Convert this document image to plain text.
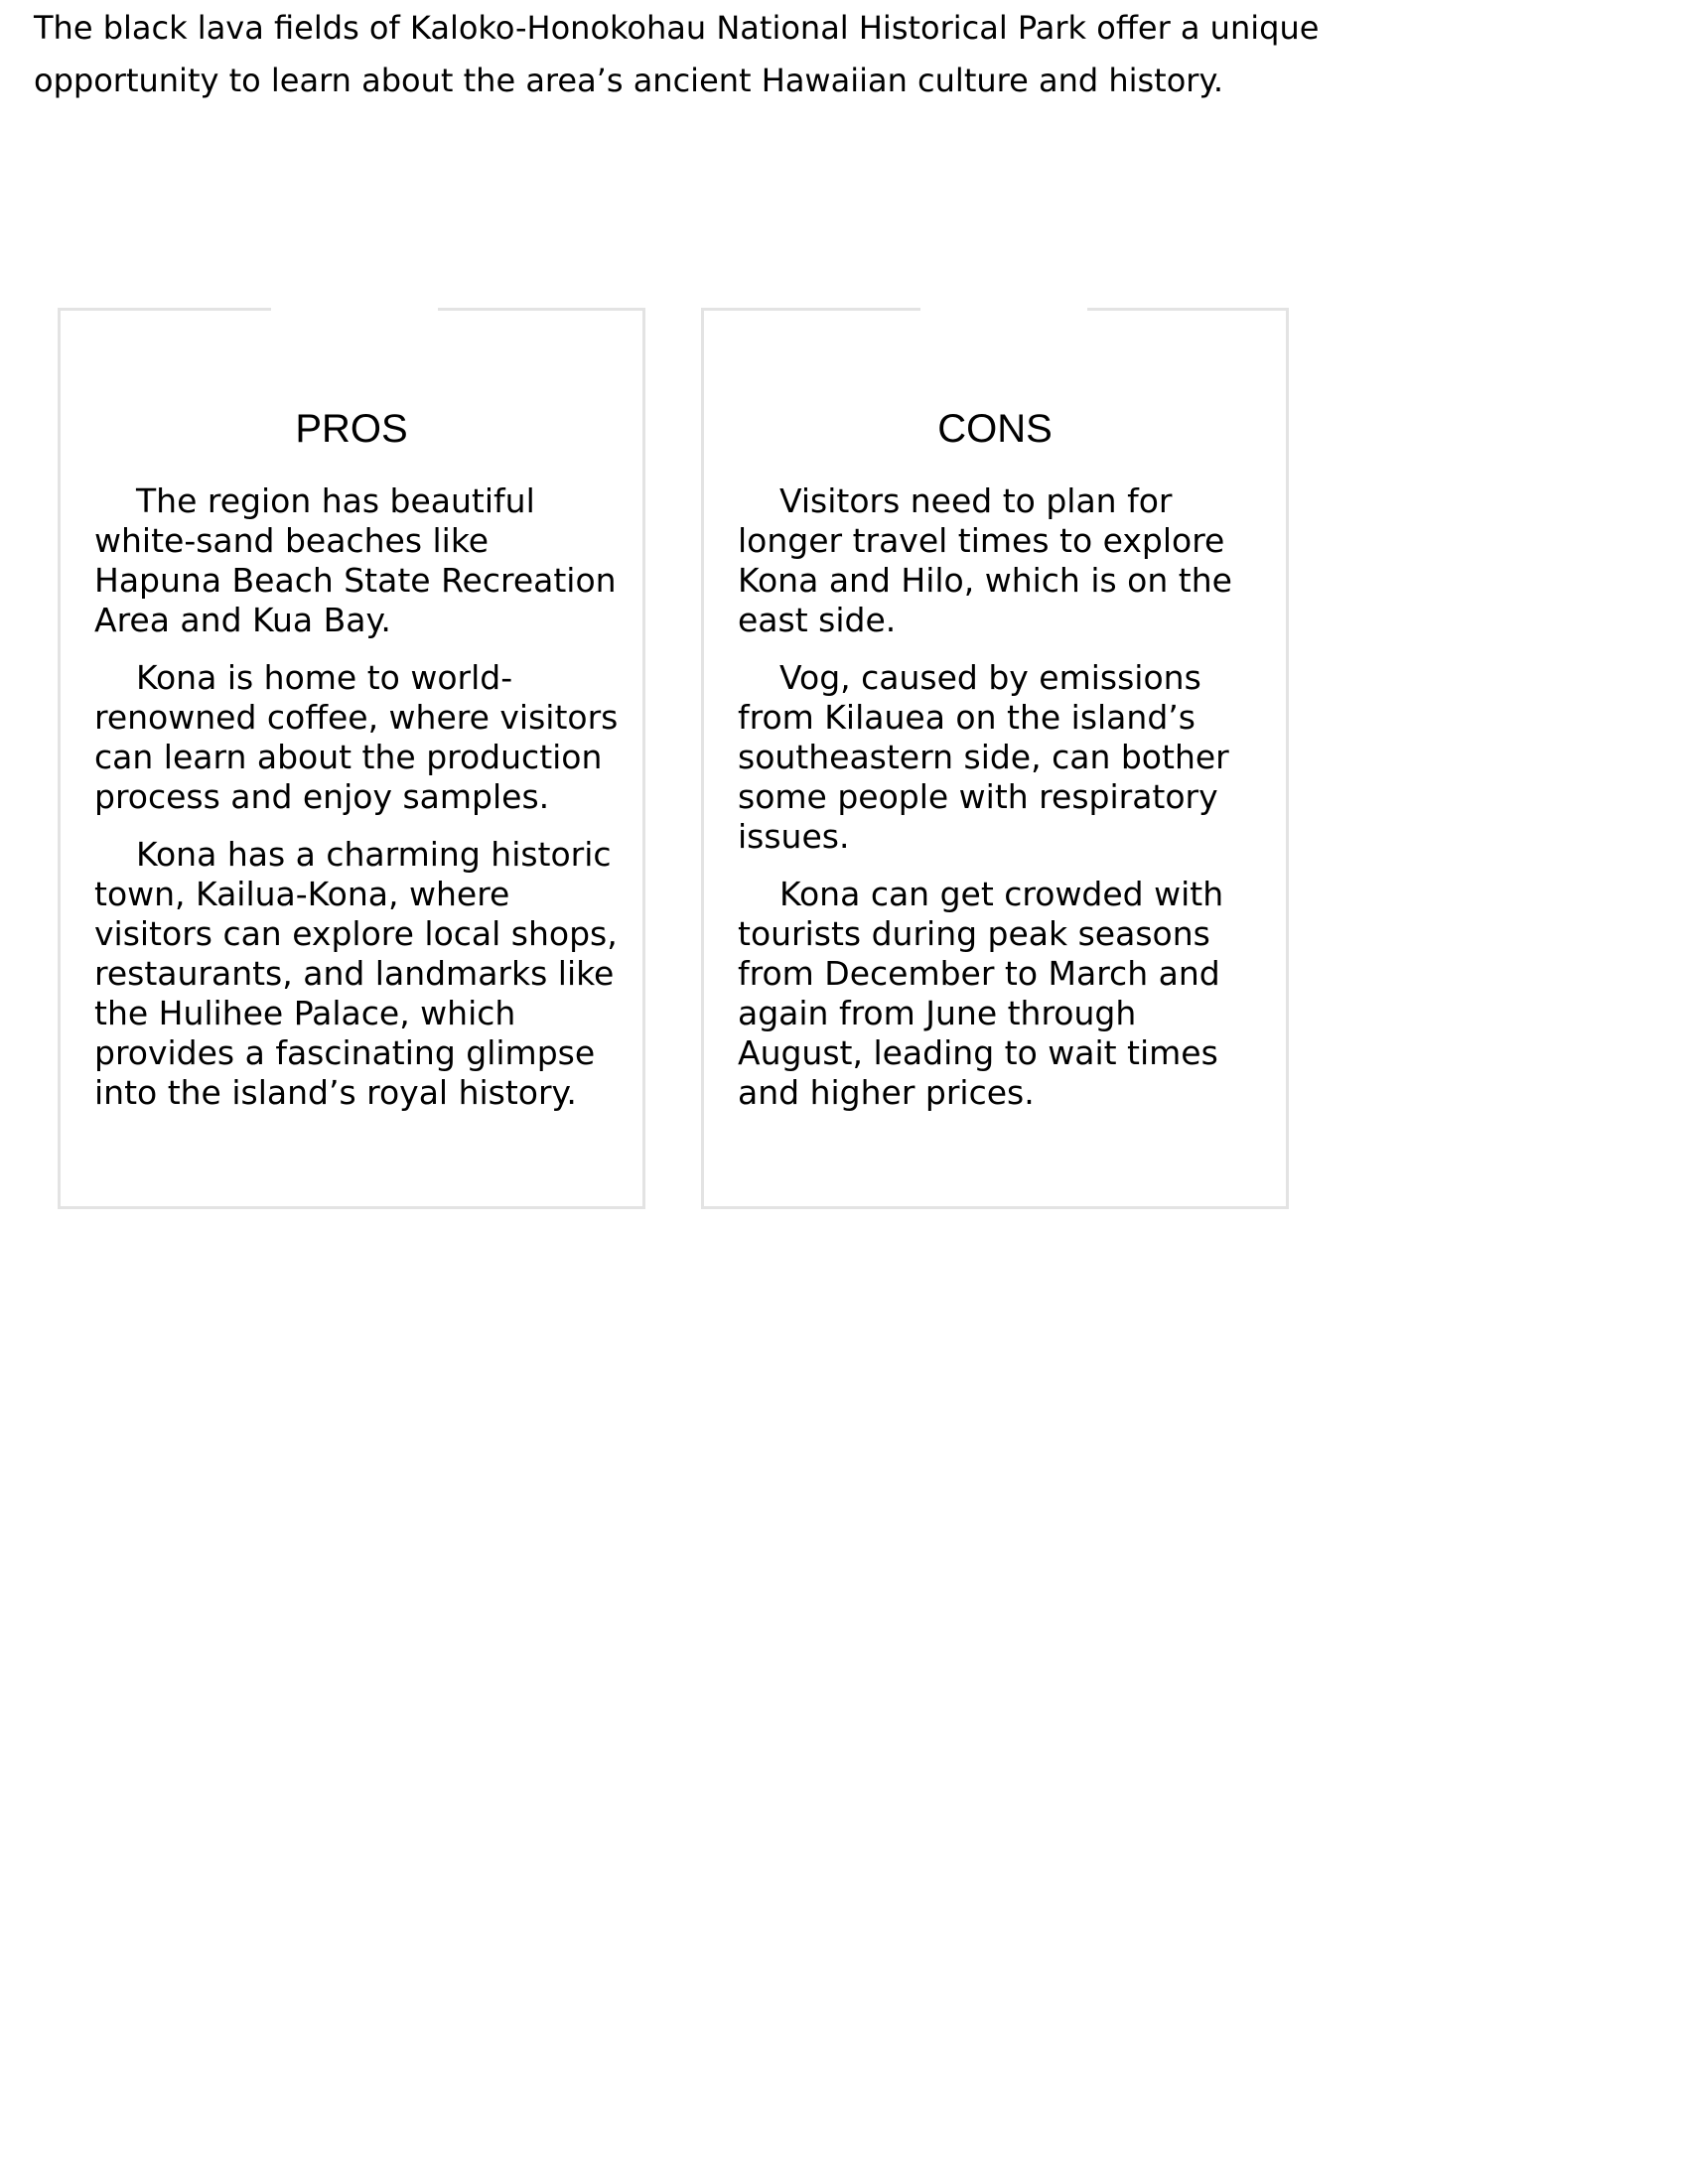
The black lava fields of Kaloko-Honokohau National Historical Park offer a unique opportunity to learn about the area’s ancient Hawaiian culture and history.

PROS

The region has beautiful white-sand beaches like Hapuna Beach State Recreation Area and Kua Bay.

Kona is home to world-renowned coffee, where visitors can learn about the production process and enjoy samples.

Kona has a charming historic town, Kailua-Kona, where visitors can explore local shops, restaurants, and landmarks like the Hulihee Palace, which provides a fascinating glimpse into the island’s royal history.

CONS

Visitors need to plan for longer travel times to explore Kona and Hilo, which is on the east side.

Vog, caused by emissions from Kilauea on the island’s southeastern side, can bother some people with respiratory issues.

Kona can get crowded with tourists during peak seasons from December to March and again from June through August, leading to wait times and higher prices.
